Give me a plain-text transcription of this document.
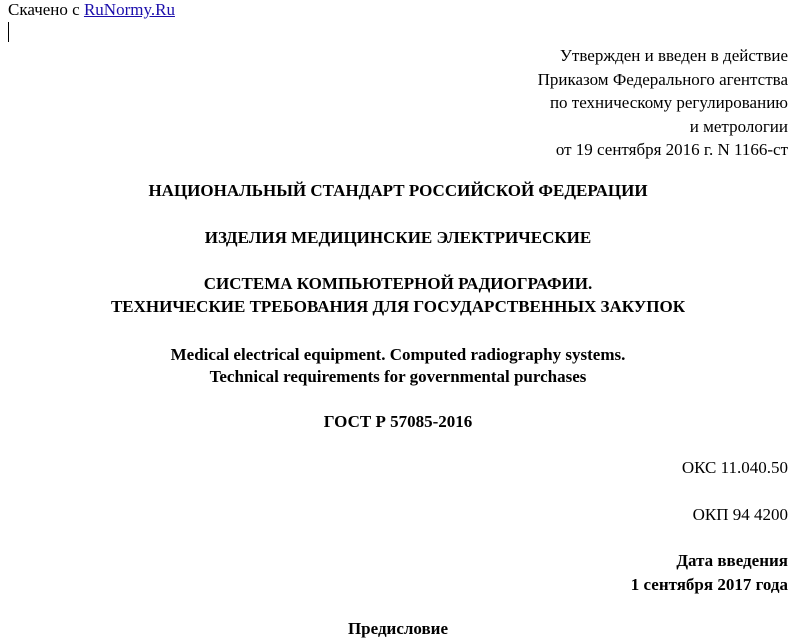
Скачено с RuNormy.Ru
Утвержден и введен в действие
Приказом Федерального агентства
по техническому регулированию
и метрологии
от 19 сентября 2016 г. N 1166-ст
НАЦИОНАЛЬНЫЙ СТАНДАРТ РОССИЙСКОЙ ФЕДЕРАЦИИ
ИЗДЕЛИЯ МЕДИЦИНСКИЕ ЭЛЕКТРИЧЕСКИЕ
СИСТЕМА КОМПЬЮТЕРНОЙ РАДИОГРАФИИ.
ТЕХНИЧЕСКИЕ ТРЕБОВАНИЯ ДЛЯ ГОСУДАРСТВЕННЫХ ЗАКУПОК
Medical electrical equipment. Computed radiography systems.
Technical requirements for governmental purchases
ГОСТ Р 57085-2016
ОКС 11.040.50
ОКП 94 4200
Дата введения
1 сентября 2017 года
Предисловие
